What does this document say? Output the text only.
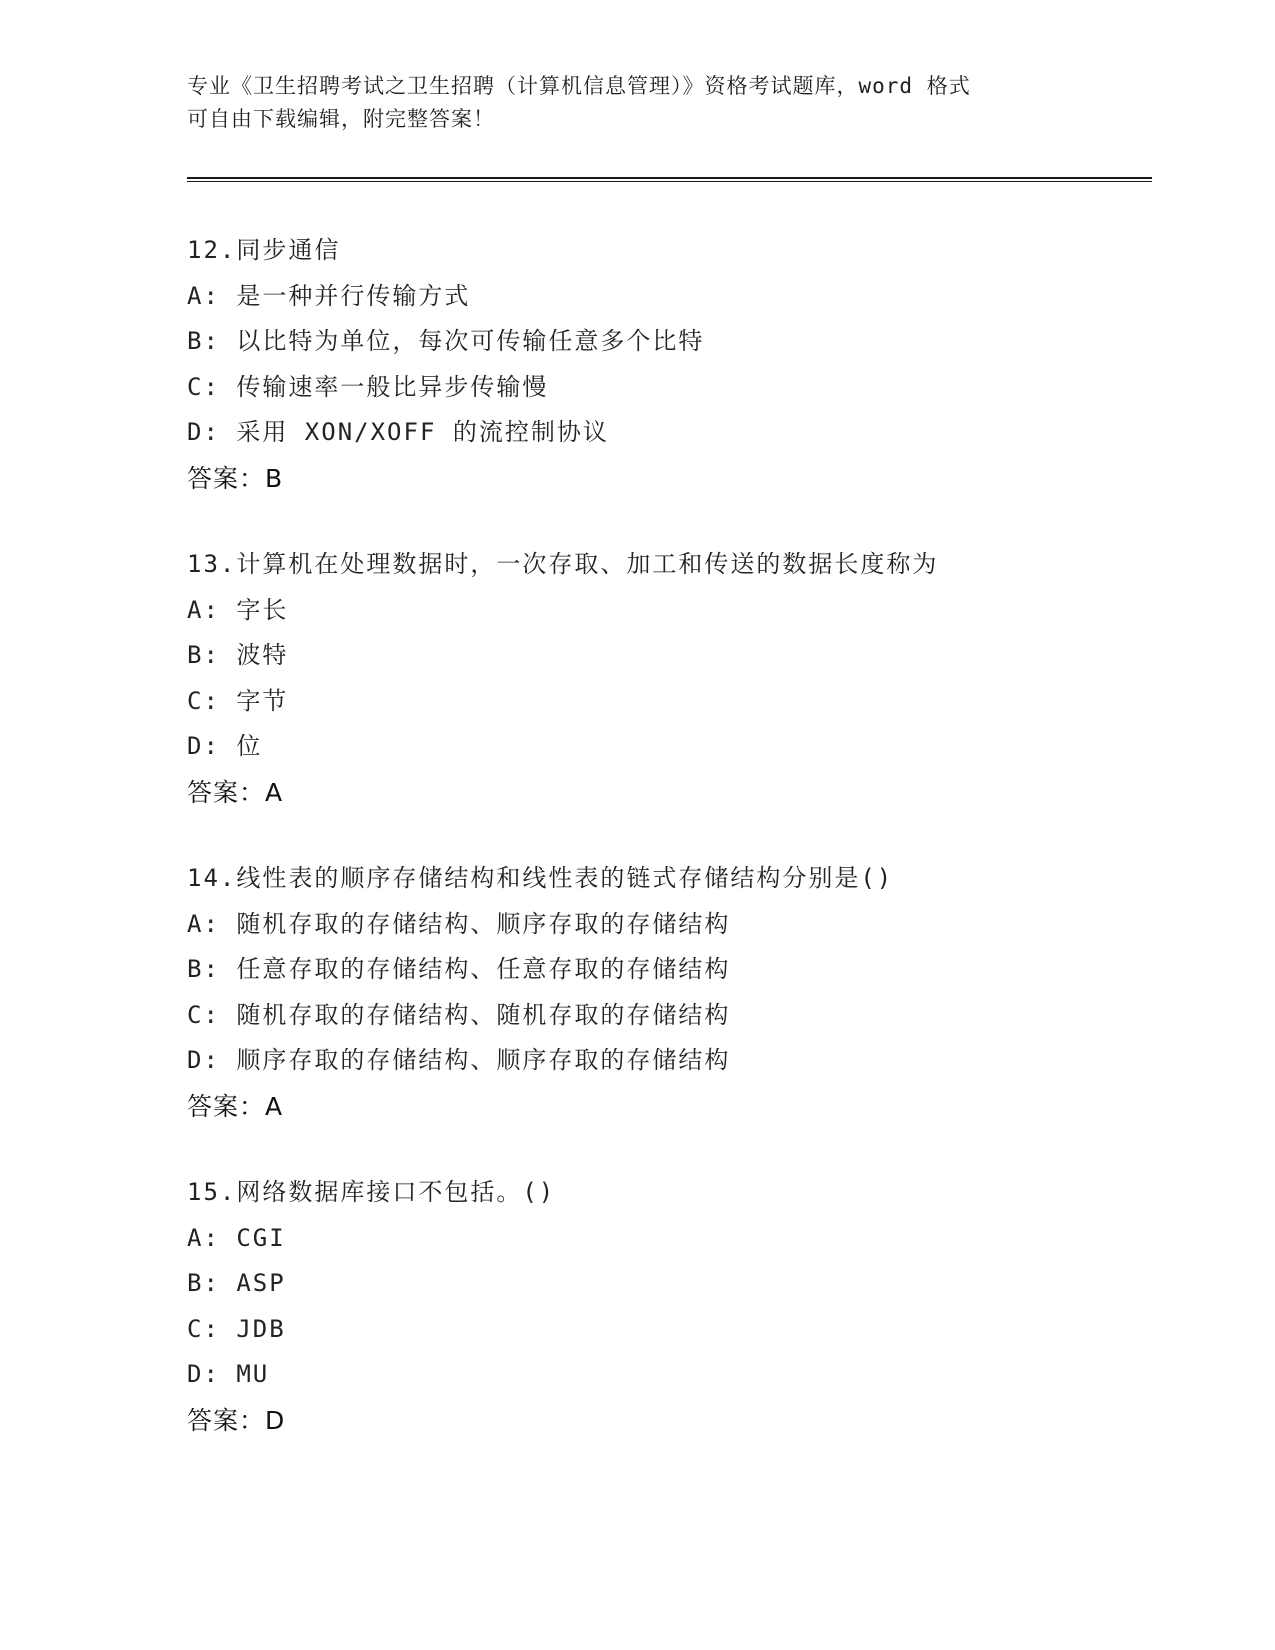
专业《卫生招聘考试之卫生招聘（计算机信息管理）》资格考试题库，word 格式
可自由下载编辑，附完整答案！
12.同步通信
A: 是一种并行传输方式
B: 以比特为单位，每次可传输任意多个比特
C: 传输速率一般比异步传输慢
D: 采用 XON/XOFF 的流控制协议
答案：B
13.计算机在处理数据时，一次存取、加工和传送的数据长度称为
A: 字长
B: 波特
C: 字节
D: 位
答案：A
14.线性表的顺序存储结构和线性表的链式存储结构分别是()
A: 随机存取的存储结构、顺序存取的存储结构
B: 任意存取的存储结构、任意存取的存储结构
C: 随机存取的存储结构、随机存取的存储结构
D: 顺序存取的存储结构、顺序存取的存储结构
答案：A
15.网络数据库接口不包括。()
A: CGI
B: ASP
C: JDB
D: MU
答案：D
